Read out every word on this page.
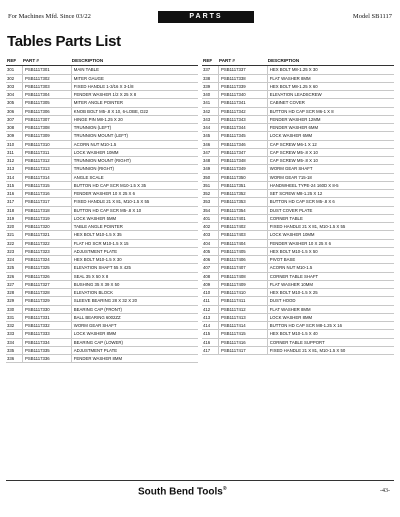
For Machines Mfd. Since 03/22	PARTS	Model SB1117
Tables Parts List
REF	PART #	DESCRIPTION
301	PSB1117301	MAIN TABLE
302	PSB1117302	MITER GAUGE
303	PSB1117303	FIXED HANDLE 1-3/16 X 3-1/8
304	PSB1117304	FENDER WASHER 1/2 X 25 X 8
305	PSB1117305	MITER ANGLE POINTER
306	PSB1117306	KNOB BOLT M5-.8 X 10, 6-LOBE, D22
307	PSB1117307	HINGE PIN M8-1.25 X 20
308	PSB1117308	TRUNNION (LEFT)
309	PSB1117309	TRUNNION MOUNT (LEFT)
310	PSB1117310	ACORN NUT M10-1.5
311	PSB1117311	LOCK WASHER 10MM
312	PSB1117312	TRUNNION MOUNT (RIGHT)
313	PSB1117313	TRUNNION (RIGHT)
314	PSB1117314	ANGLE SCALE
315	PSB1117315	BUTTON HD CAP SCR M10-1.5 X 35
316	PSB1117316	FENDER WASHER 10 X 25 X 6
317	PSB1117317	FIXED HANDLE 21 X 81, M10-1.5 X 55
318	PSB1117318	BUTTON HD CAP SCR M5-.8 X 10
319	PSB1117319	LOCK WASHER 5MM
320	PSB1117320	TABLE ANGLE POINTER
321	PSB1117321	HEX BOLT M10-1.5 X 35
322	PSB1117322	FLAT HD SCR M10-1.5 X 15
323	PSB1117323	ADJUSTMENT PLATE
324	PSB1117324	HEX BOLT M10-1.5 X 30
325	PSB1117325	ELEVATION SHAFT 55 X 425
326	PSB1117326	SEAL 35 X 50 X 8
327	PSB1117327	BUSHING 35 X 39 X 50
328	PSB1117328	ELEVATION BLOCK
329	PSB1117329	SLEEVE BEARING 28 X 32 X 20
330	PSB1117330	BEARING CAP (FRONT)
331	PSB1117331	BALL BEARING 6002ZZ
332	PSB1117332	WORM GEAR SHAFT
333	PSB1117333	LOCK WASHER 8MM
334	PSB1117334	BEARING CAP (LOWER)
335	PSB1117335	ADJUSTMENT PLATE
336	PSB1117336	FENDER WASHER 8MM
REF	PART #	DESCRIPTION
337	PSB1117337	HEX BOLT M8-1.25 X 30
338	PSB1117338	FLAT WASHER 8MM
339	PSB1117339	HEX BOLT M8-1.25 X 60
340	PSB1117340	ELEVATION LEADSCREW
341	PSB1117341	CABINET COVER
342	PSB1117342	BUTTON HD CAP SCR M6-1 X 8
343	PSB1117343	FENDER WASHER 12MM
344	PSB1117344	FENDER WASHER 6MM
345	PSB1117345	LOCK WASHER 6MM
346	PSB1117346	CAP SCREW M6-1 X 12
347	PSB1117347	CAP SCREW M5-.8 X 10
348	PSB1117348	CAP SCREW M5-.8 X 10
349	PSB1117349	WORM GEAR SHAFT
350	PSB1117350	WORM GEAR 715-18
351	PSB1117351	HANDWHEEL TYPE-24 160D X 8-5
352	PSB1117352	SET SCREW M8-1.25 X 12
353	PSB1117353	BUTTON HD CAP SCR M5-.8 X 6
354	PSB1117354	DUST COVER PLATE
401	PSB1117401	CORNER TABLE
402	PSB1117402	FIXED HANDLE 21 X 81, M10-1.5 X 55
403	PSB1117403	LOCK WASHER 10MM
404	PSB1117404	FENDER WASHER 10 X 25 X 6
405	PSB1117405	HEX BOLT M10-1.5 X 50
406	PSB1117406	PIVOT BASE
407	PSB1117407	ACORN NUT M10-1.5
408	PSB1117408	CORNER TABLE SHAFT
409	PSB1117409	FLAT WASHER 10MM
410	PSB1117410	HEX BOLT M10-1.5 X 25
411	PSB1117411	DUST HOOD
412	PSB1117412	FLAT WASHER 8MM
413	PSB1117413	LOCK WASHER 8MM
414	PSB1117414	BUTTON HD CAP SCR M8-1.25 X 16
415	PSB1117415	HEX BOLT M10-1.5 X 40
416	PSB1117416	CORNER TABLE SUPPORT
417	PSB1117417	FIXED HANDLE 21 X 81, M10-1.5 X 50
South Bend Tools®	-43-
